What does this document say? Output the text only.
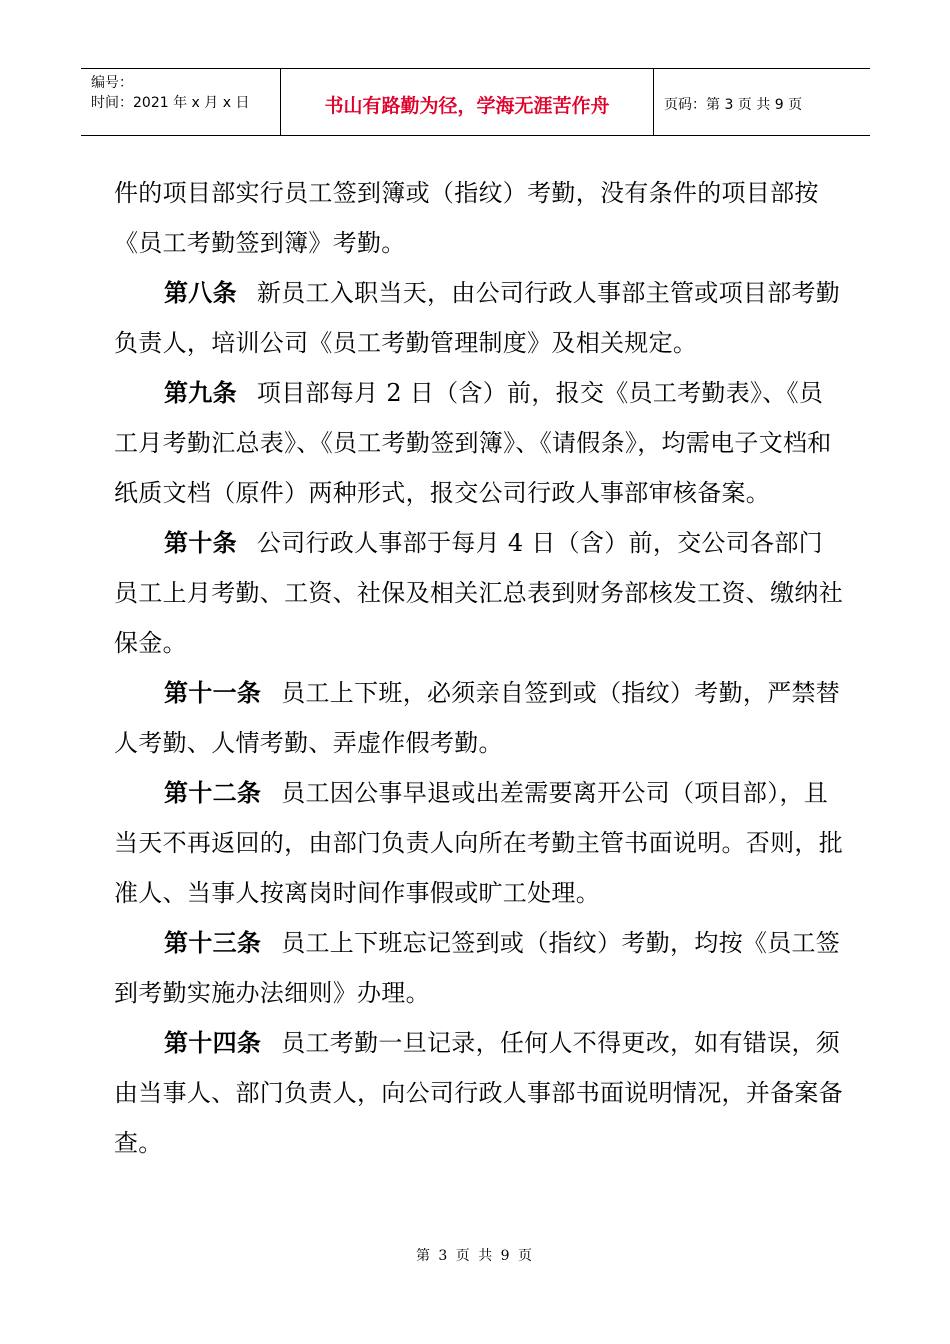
编号：
时间：2021 年 x 月 x 日	书山有路勤为径，学海无涯苦作舟	页码：第 3 页 共 9 页

件的项目部实行员工签到簿或（指纹）考勤，没有条件的项目部按《员工考勤签到簿》考勤。

第八条 新员工入职当天，由公司行政人事部主管或项目部考勤负责人，培训公司《员工考勤管理制度》及相关规定。

第九条 项目部每月 2 日（含）前，报交《员工考勤表》、《员工月考勤汇总表》、《员工考勤签到簿》、《请假条》，均需电子文档和纸质文档（原件）两种形式，报交公司行政人事部审核备案。

第十条 公司行政人事部于每月 4 日（含）前，交公司各部门员工上月考勤、工资、社保及相关汇总表到财务部核发工资、缴纳社保金。

第十一条 员工上下班，必须亲自签到或（指纹）考勤，严禁替人考勤、人情考勤、弄虚作假考勤。

第十二条 员工因公事早退或出差需要离开公司（项目部），且当天不再返回的，由部门负责人向所在考勤主管书面说明。否则，批准人、当事人按离岗时间作事假或旷工处理。

第十三条 员工上下班忘记签到或（指纹）考勤，均按《员工签到考勤实施办法细则》办理。

第十四条 员工考勤一旦记录，任何人不得更改，如有错误，须由当事人、部门负责人，向公司行政人事部书面说明情况，并备案备查。

第 3 页 共 9 页
